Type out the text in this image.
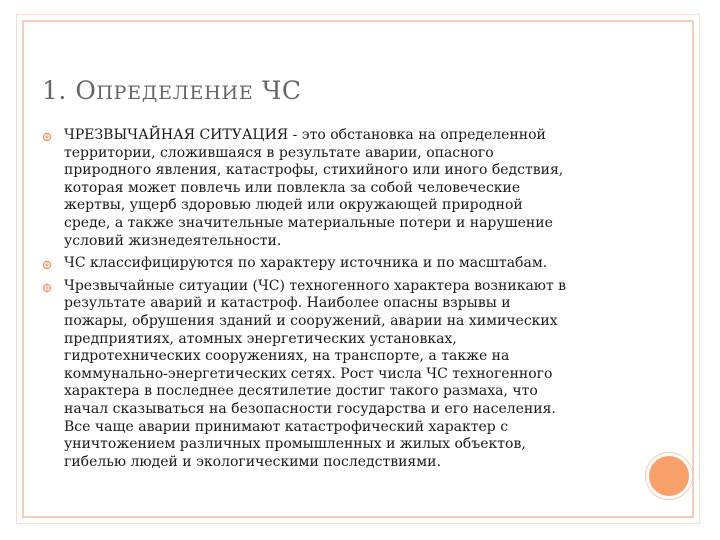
1. ОПРЕДЕЛЕНИЕ ЧС
ЧРЕЗВЫЧАЙНАЯ СИТУАЦИЯ - это обстановка на определенной
территории, сложившаяся в результате аварии, опасного
природного явления, катастрофы, стихийного или иного бедствия,
которая может повлечь или повлекла за собой человеческие
жертвы, ущерб здоровью людей или окружающей природной
среде, а также значительные материальные потери и нарушение
условий жизнедеятельности.
ЧС классифицируются по характеру источника и по масштабам.
Чрезвычайные ситуации (ЧС) техногенного характера возникают в
результате аварий и катастроф. Наиболее опасны взрывы и
пожары, обрушения зданий и сооружений, аварии на химических
предприятиях, атомных энергетических установках,
гидротехнических сооружениях, на транспорте, а также на
коммунально-энергетических сетях. Рост числа ЧС техногенного
характера в последнее десятилетие достиг такого размаха, что
начал сказываться на безопасности государства и его населения.
Все чаще аварии принимают катастрофический характер с
уничтожением различных промышленных и жилых объектов,
гибелью людей и экологическими последствиями.
